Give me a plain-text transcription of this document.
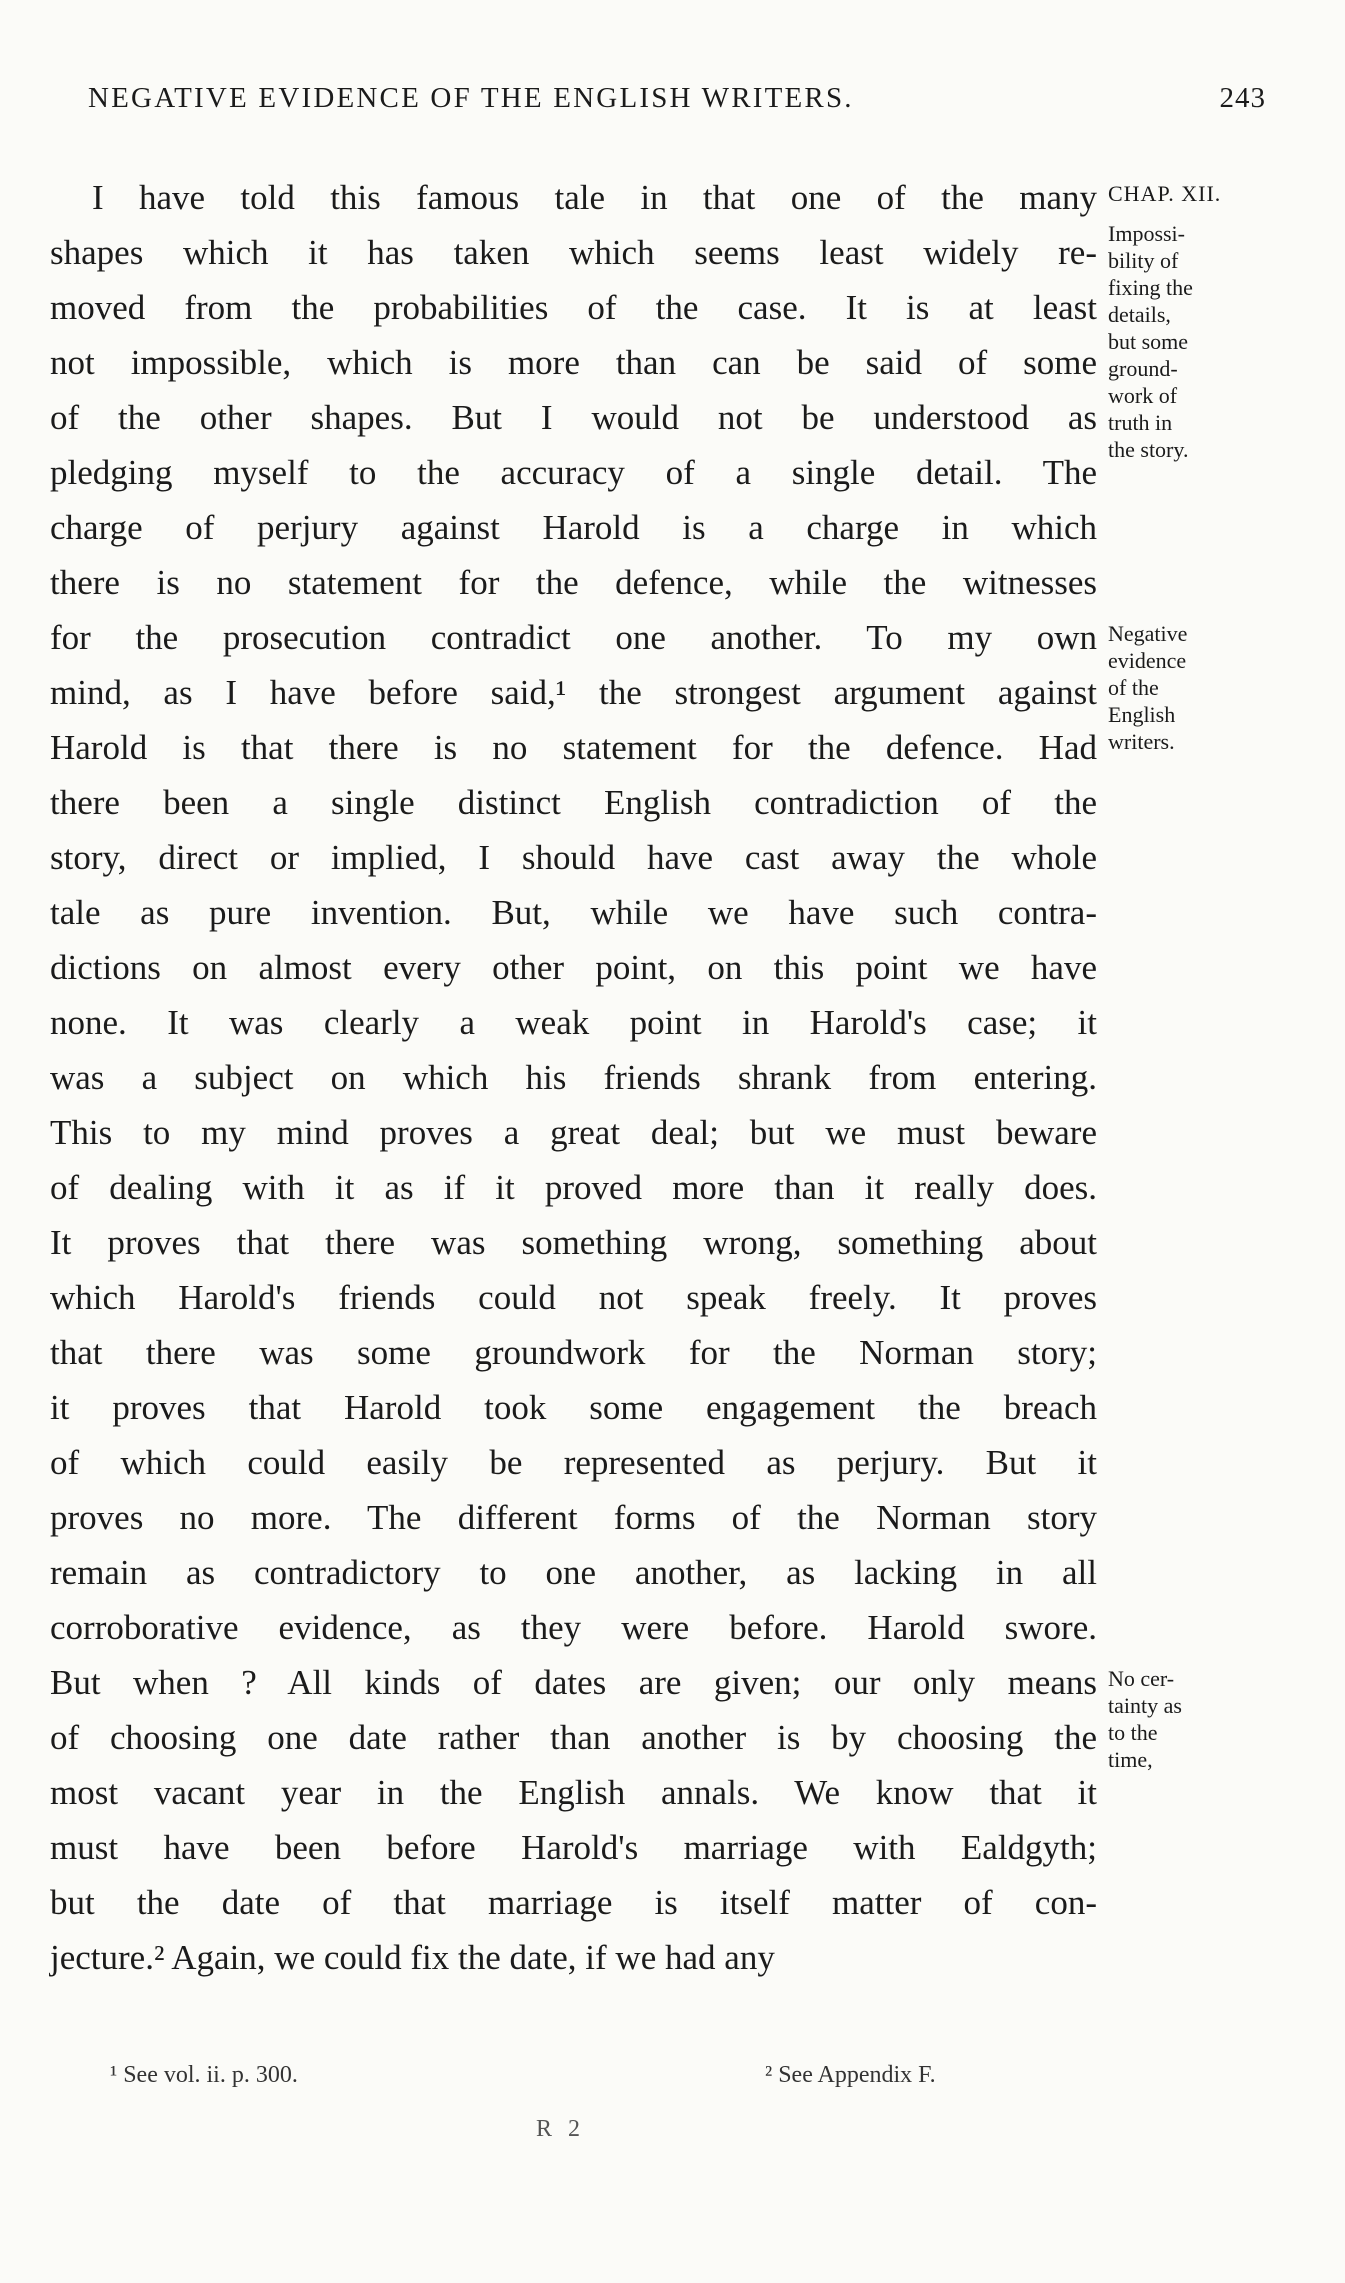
NEGATIVE EVIDENCE OF THE ENGLISH WRITERS.	243
I have told this famous tale in that one of the many
shapes which it has taken which seems least widely re-
moved from the probabilities of the case. It is at least
not impossible, which is more than can be said of some
of the other shapes. But I would not be understood as
pledging myself to the accuracy of a single detail. The
charge of perjury against Harold is a charge in which
there is no statement for the defence, while the witnesses
for the prosecution contradict one another. To my own
mind, as I have before said,¹ the strongest argument against
Harold is that there is no statement for the defence. Had
there been a single distinct English contradiction of the
story, direct or implied, I should have cast away the whole
tale as pure invention. But, while we have such contra-
dictions on almost every other point, on this point we have
none. It was clearly a weak point in Harold's case; it
was a subject on which his friends shrank from entering.
This to my mind proves a great deal; but we must beware
of dealing with it as if it proved more than it really does.
It proves that there was something wrong, something about
which Harold's friends could not speak freely. It proves
that there was some groundwork for the Norman story;
it proves that Harold took some engagement the breach
of which could easily be represented as perjury. But it
proves no more. The different forms of the Norman story
remain as contradictory to one another, as lacking in all
corroborative evidence, as they were before. Harold swore.
But when ? All kinds of dates are given; our only means
of choosing one date rather than another is by choosing the
most vacant year in the English annals. We know that it
must have been before Harold's marriage with Ealdgyth;
but the date of that marriage is itself matter of con-
jecture.² Again, we could fix the date, if we had any
CHAP. XII.
Impossi-
bility of
fixing the
details,
but some
ground-
work of
truth in
the story.
Negative
evidence
of the
English
writers.
No cer-
tainty as
to the
time,
¹ See vol. ii. p. 300.	² See Appendix F.
R 2
